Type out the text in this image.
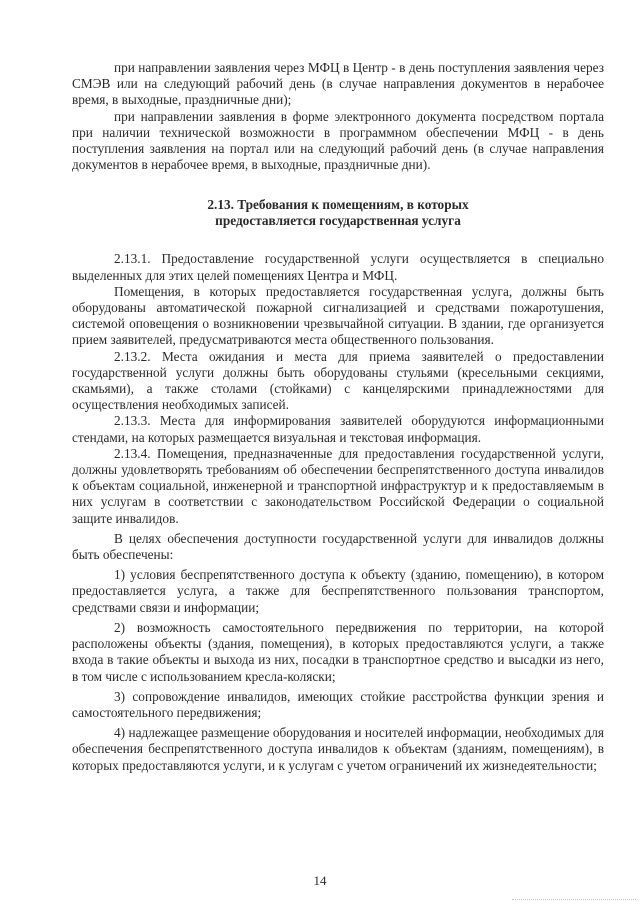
при направлении заявления через МФЦ в Центр - в день поступления заявления через СМЭВ или на следующий рабочий день (в случае направления документов в нерабочее время, в выходные, праздничные дни);

при направлении заявления в форме электронного документа посредством портала при наличии технической возможности в программном обеспечении МФЦ - в день поступления заявления на портал или на следующий рабочий день (в случае направления документов в нерабочее время, в выходные, праздничные дни).

2.13. Требования к помещениям, в которых
предоставляется государственная услуга

2.13.1. Предоставление государственной услуги осуществляется в специально выделенных для этих целей помещениях Центра и МФЦ.

Помещения, в которых предоставляется государственная услуга, должны быть оборудованы автоматической пожарной сигнализацией и средствами пожаротушения, системой оповещения о возникновении чрезвычайной ситуации. В здании, где организуется прием заявителей, предусматриваются места общественного пользования.

2.13.2. Места ожидания и места для приема заявителей о предоставлении государственной услуги должны быть оборудованы стульями (кресельными секциями, скамьями), а также столами (стойками) с канцелярскими принадлежностями для осуществления необходимых записей.

2.13.3. Места для информирования заявителей оборудуются информационными стендами, на которых размещается визуальная и текстовая информация.

2.13.4. Помещения, предназначенные для предоставления государственной услуги, должны удовлетворять требованиям об обеспечении беспрепятственного доступа инвалидов к объектам социальной, инженерной и транспортной инфраструктур и к предоставляемым в них услугам в соответствии с законодательством Российской Федерации о социальной защите инвалидов.

В целях обеспечения доступности государственной услуги для инвалидов должны быть обеспечены:

1) условия беспрепятственного доступа к объекту (зданию, помещению), в котором предоставляется услуга, а также для беспрепятственного пользования транспортом, средствами связи и информации;

2) возможность самостоятельного передвижения по территории, на которой расположены объекты (здания, помещения), в которых предоставляются услуги, а также входа в такие объекты и выхода из них, посадки в транспортное средство и высадки из него, в том числе с использованием кресла-коляски;

3) сопровождение инвалидов, имеющих стойкие расстройства функции зрения и самостоятельного передвижения;

4) надлежащее размещение оборудования и носителей информации, необходимых для обеспечения беспрепятственного доступа инвалидов к объектам (зданиям, помещениям), в которых предоставляются услуги, и к услугам с учетом ограничений их жизнедеятельности;

14
